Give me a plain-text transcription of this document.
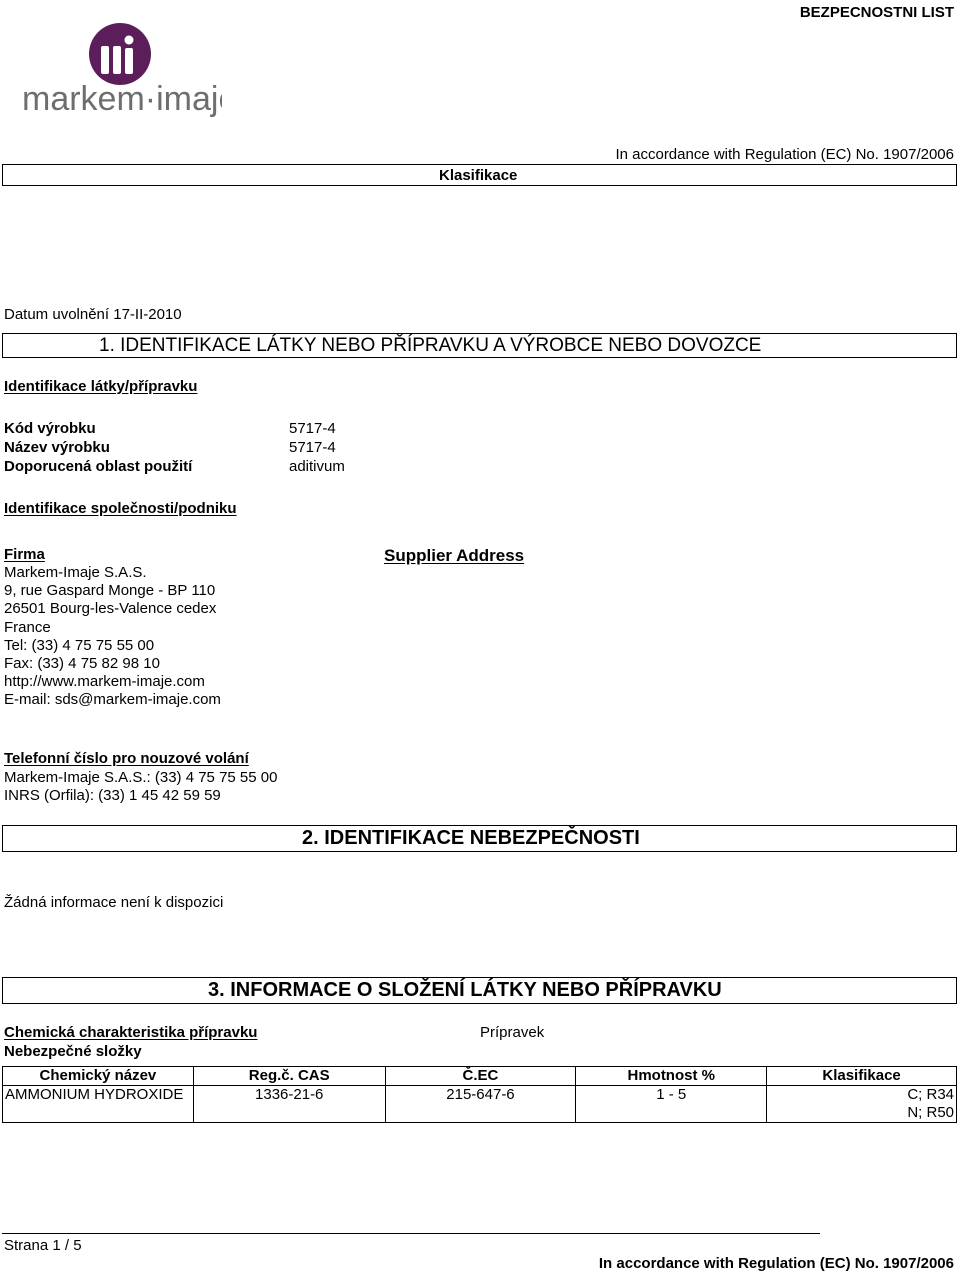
BEZPECNOSTNI LIST
markem·imaje
In accordance with Regulation (EC) No. 1907/2006
Klasifikace
Datum uvolnění 17-II-2010
1. IDENTIFIKACE LÁTKY NEBO PŘÍPRAVKU A VÝROBCE NEBO DOVOZCE
Identifikace látky/přípravku
Kód výrobku	5717-4
Název výrobku	5717-4
Doporucená oblast použití	aditivum
Identifikace společnosti/podniku
Firma
Markem-Imaje S.A.S.
9, rue Gaspard Monge - BP 110
26501 Bourg-les-Valence cedex
France
Tel: (33) 4 75 75 55 00
Fax: (33) 4 75 82 98 10
http://www.markem-imaje.com
E-mail: sds@markem-imaje.com
Supplier Address
Telefonní číslo pro nouzové volání
Markem-Imaje S.A.S.: (33) 4 75 75 55 00
INRS (Orfila): (33) 1 45 42 59 59
2. IDENTIFIKACE NEBEZPEČNOSTI
Žádná informace není k dispozici
3. INFORMACE O SLOŽENÍ LÁTKY NEBO PŘÍPRAVKU
Chemická charakteristika přípravku	Prípravek
Nebezpečné složky
Chemický název	Reg.č. CAS	Č.EC	Hmotnost %	Klasifikace
AMMONIUM HYDROXIDE	1336-21-6	215-647-6	1 - 5	C; R34
N; R50
Strana 1 / 5
In accordance with Regulation (EC) No. 1907/2006
